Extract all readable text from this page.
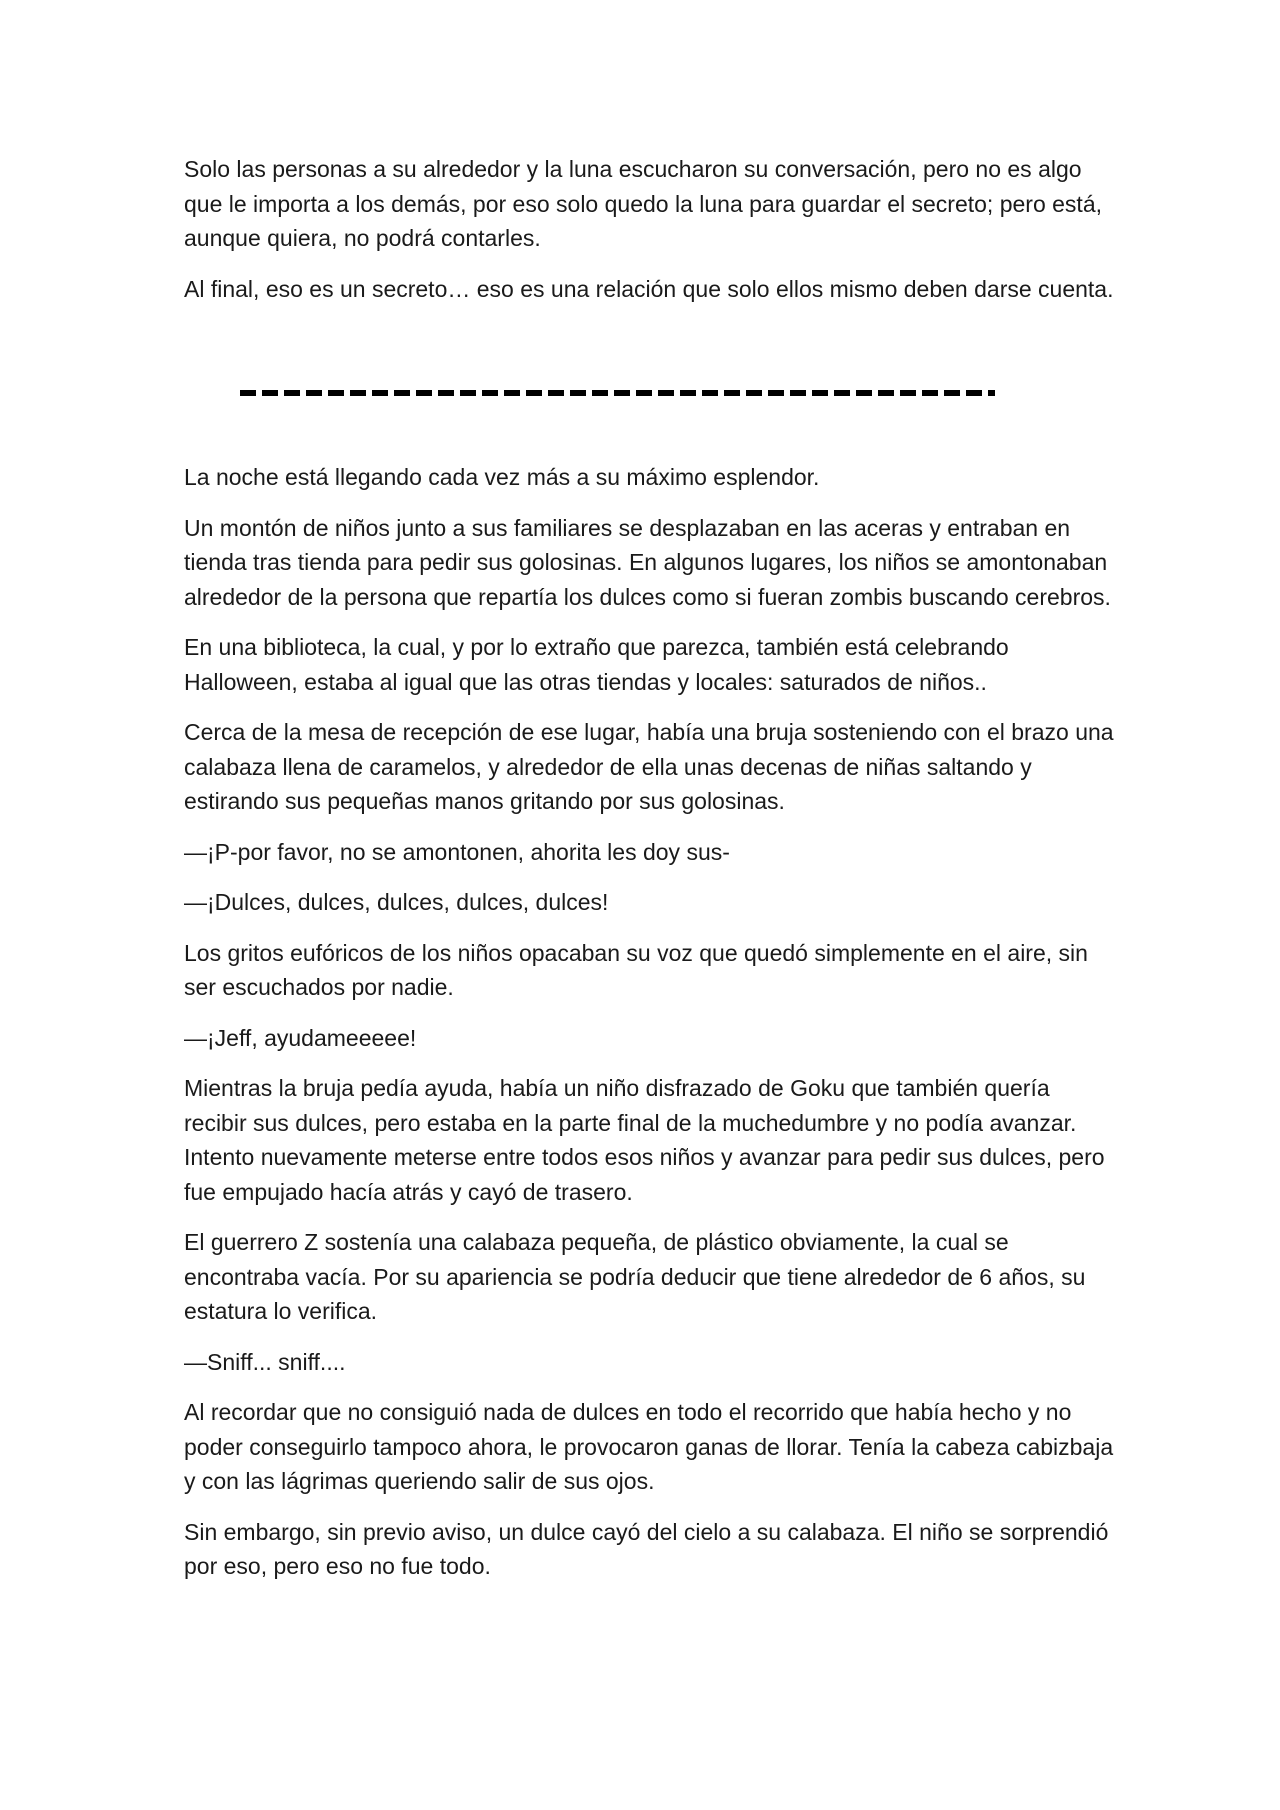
Solo las personas a su alrededor y la luna escucharon su conversación, pero no es algo que le importa a los demás, por eso solo quedo la luna para guardar el secreto; pero está, aunque quiera, no podrá contarles.

Al final, eso es un secreto… eso es una relación que solo ellos mismo deben darse cuenta.

La noche está llegando cada vez más a su máximo esplendor.

Un montón de niños junto a sus familiares se desplazaban en las aceras y entraban en tienda tras tienda para pedir sus golosinas. En algunos lugares, los niños se amontonaban alrededor de la persona que repartía los dulces como si fueran zombis buscando cerebros.

En una biblioteca, la cual, y por lo extraño que parezca, también está celebrando Halloween, estaba al igual que las otras tiendas y locales: saturados de niños..

Cerca de la mesa de recepción de ese lugar, había una bruja sosteniendo con el brazo una calabaza llena de caramelos, y alrededor de ella unas decenas de niñas saltando y estirando sus pequeñas manos gritando por sus golosinas.

—¡P-por favor, no se amontonen, ahorita les doy sus-

—¡Dulces, dulces, dulces, dulces, dulces!

Los gritos eufóricos de los niños opacaban su voz que quedó simplemente en el aire, sin ser escuchados por nadie.

—¡Jeff, ayudameeeee!

Mientras la bruja pedía ayuda, había un niño disfrazado de Goku que también quería recibir sus dulces, pero estaba en la parte final de la muchedumbre y no podía avanzar. Intento nuevamente meterse entre todos esos niños y avanzar para pedir sus dulces, pero fue empujado hacía atrás y cayó de trasero.

El guerrero Z sostenía una calabaza pequeña, de plástico obviamente, la cual se encontraba vacía. Por su apariencia se podría deducir que tiene alrededor de 6 años, su estatura lo verifica.

—Sniff... sniff....

Al recordar que no consiguió nada de dulces en todo el recorrido que había hecho y no poder conseguirlo tampoco ahora, le provocaron ganas de llorar. Tenía la cabeza cabizbaja y con las lágrimas queriendo salir de sus ojos.

Sin embargo, sin previo aviso, un dulce cayó del cielo a su calabaza. El niño se sorprendió por eso, pero eso no fue todo.
